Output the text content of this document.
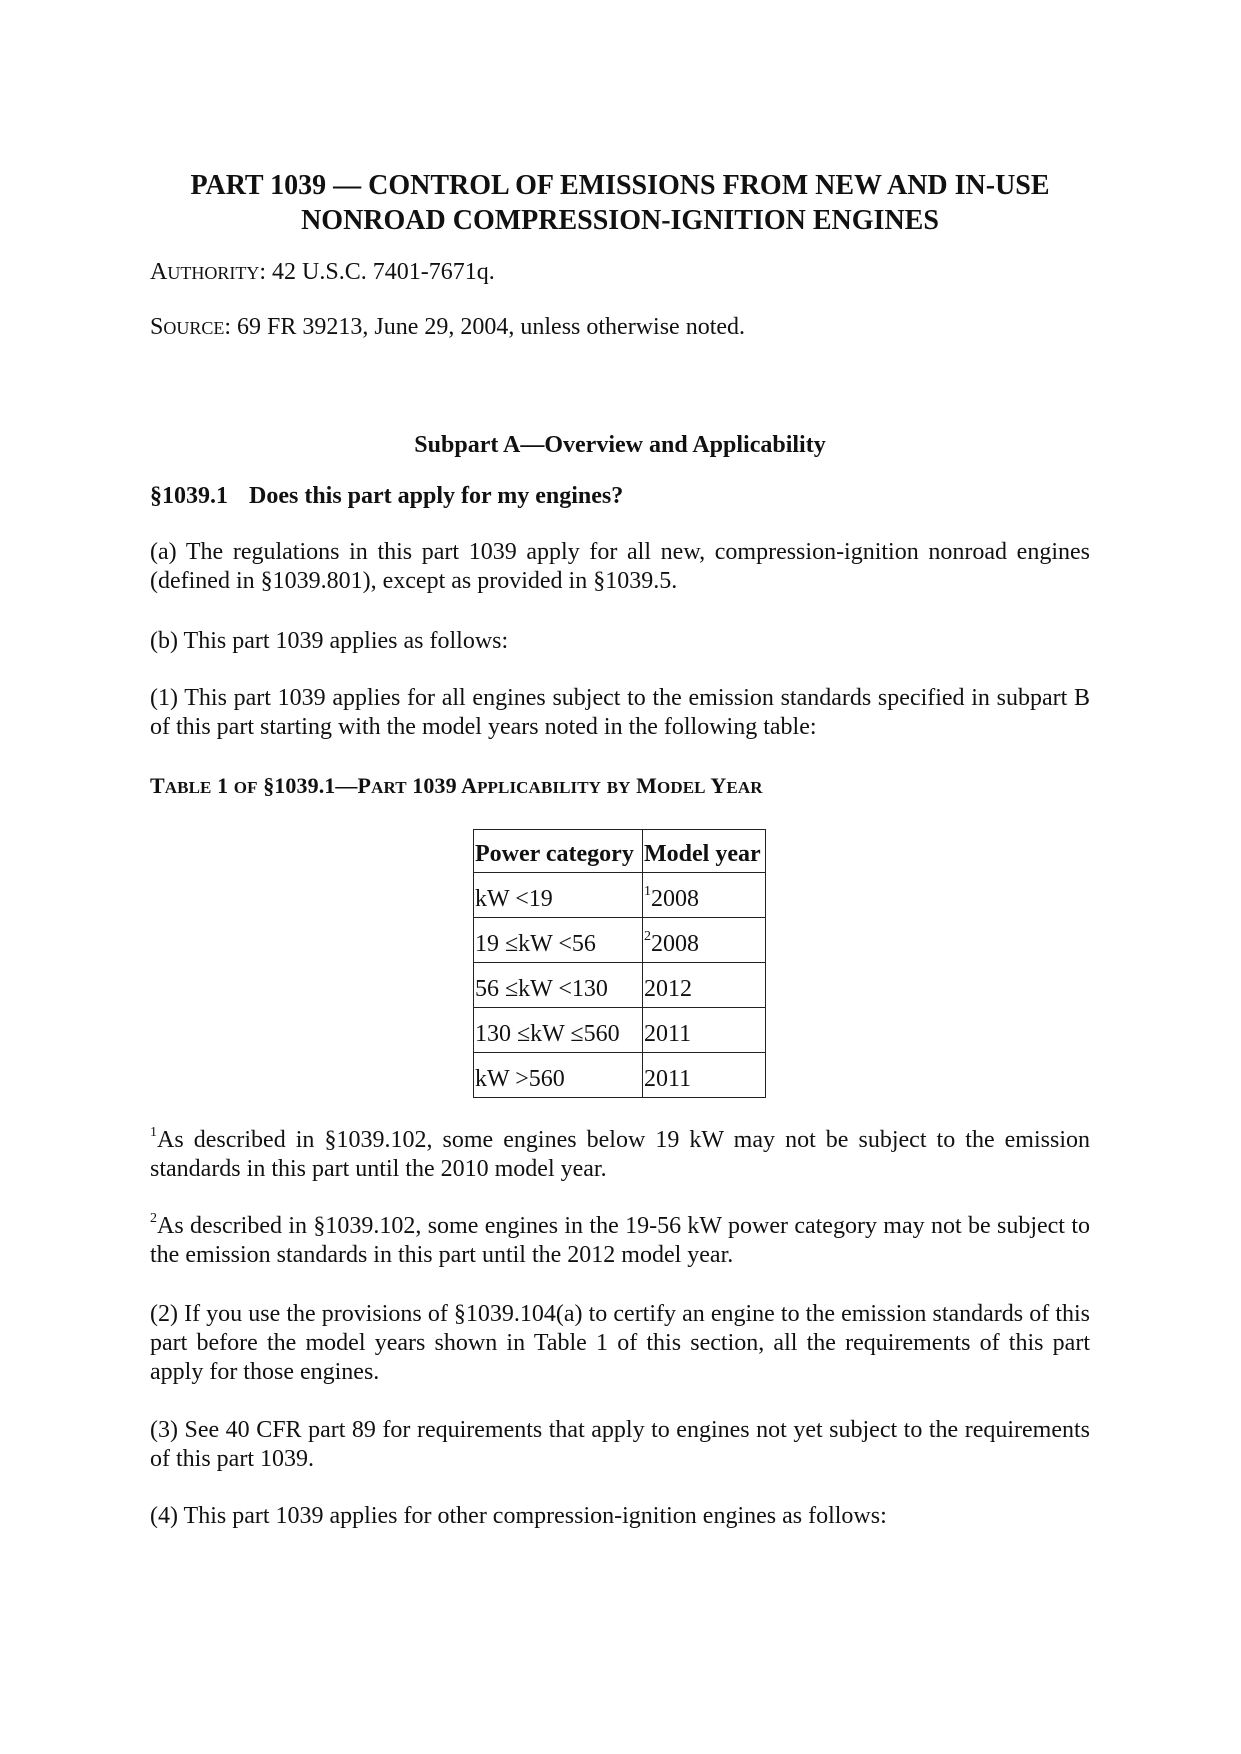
PART 1039 — CONTROL OF EMISSIONS FROM NEW AND IN-USE
NONROAD COMPRESSION-IGNITION ENGINES
AUTHORITY: 42 U.S.C. 7401-7671q.
SOURCE: 69 FR 39213, June 29, 2004, unless otherwise noted.
Subpart A—Overview and Applicability
§1039.1 Does this part apply for my engines?
(a) The regulations in this part 1039 apply for all new, compression-ignition nonroad engines (defined in §1039.801), except as provided in §1039.5.
(b) This part 1039 applies as follows:
(1) This part 1039 applies for all engines subject to the emission standards specified in subpart B of this part starting with the model years noted in the following table:
TABLE 1 OF §1039.1—PART 1039 APPLICABILITY BY MODEL YEAR
Power category	Model year
kW <19	$^1$2008
19 ≤kW <56	$^2$2008
56 ≤kW <130	2012
130 ≤kW ≤560	2011
kW >560	2011
$^1$As described in §1039.102, some engines below 19 kW may not be subject to the emission standards in this part until the 2010 model year.
$^2$As described in §1039.102, some engines in the 19-56 kW power category may not be subject to the emission standards in this part until the 2012 model year.
(2) If you use the provisions of §1039.104(a) to certify an engine to the emission standards of this part before the model years shown in Table 1 of this section, all the requirements of this part apply for those engines.
(3) See 40 CFR part 89 for requirements that apply to engines not yet subject to the requirements of this part 1039.
(4) This part 1039 applies for other compression-ignition engines as follows:
